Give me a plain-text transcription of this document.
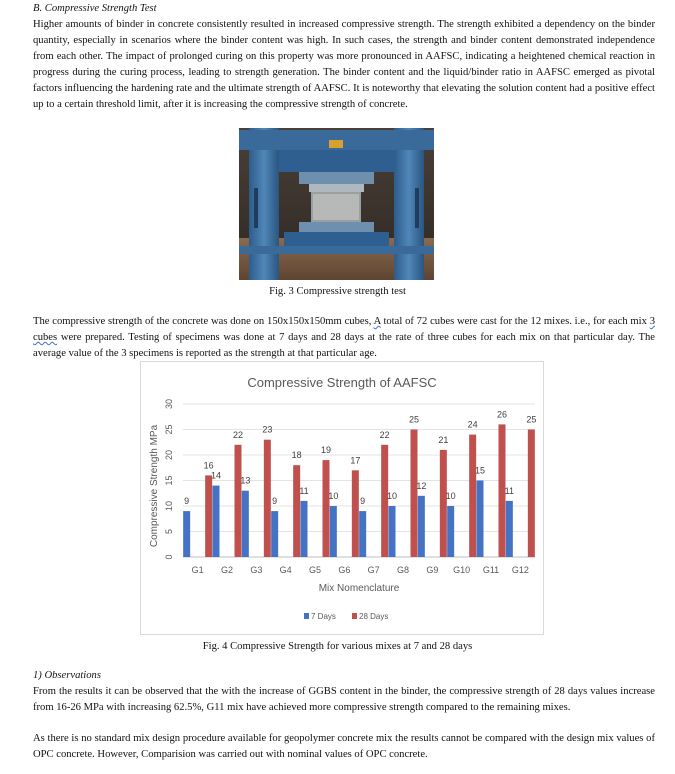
B. Compressive Strength Test

Higher amounts of binder in concrete consistently resulted in increased compressive strength. The strength exhibited a dependency on the binder quantity, especially in scenarios where the binder content was high. In such cases, the strength and binder content demonstrated independence from each other. The impact of prolonged curing on this property was more pronounced in AAFSC, indicating a heightened chemical reaction in progress during the curing process, leading to strength generation. The binder content and the liquid/binder ratio in AAFSC emerged as pivotal factors influencing the hardening rate and the ultimate strength of AAFSC. It is noteworthy that elevating the solution content had a positive effect up to a certain threshold limit, after it is increasing the compressive strength of concrete.

Fig. 3 Compressive strength test

The compressive strength of the concrete was done on 150x150x150mm cubes, A total of 72 cubes were cast for the 12 mixes. i.e., for each mix 3 cubes were prepared. Testing of specimens was done at 7 days and 28 days at the rate of three cubes for each mix on that particular day. The average value of the 3 specimens is reported as the strength at that particular age.

Compressive Strength of AAFSC
Compressive Strength MPa
Mix Nomenclature
0
5
10
15
20
25
30
G1
9
16
G2
14
22
G3
13
23
G4
9
18
G5
11
19
G6
10
17
G7
9
22
G8
10
25
G9
12
21
G10
10
24
G11
15
26
G12
11
25
7 Days	28 Days
Fig. 4 Compressive Strength for various mixes at 7 and 28 days

1) Observations

From the results it can be observed that the with the increase of GGBS content in the binder, the compressive strength of 28 days values increase from 16-26 MPa with increasing 62.5%, G11 mix have achieved more compressive strength compared to the remaining mixes.

As there is no standard mix design procedure available for geopolymer concrete mix the results cannot be compared with the design mix values of OPC concrete. However, Comparision was carried out with nominal values of OPC concrete.
